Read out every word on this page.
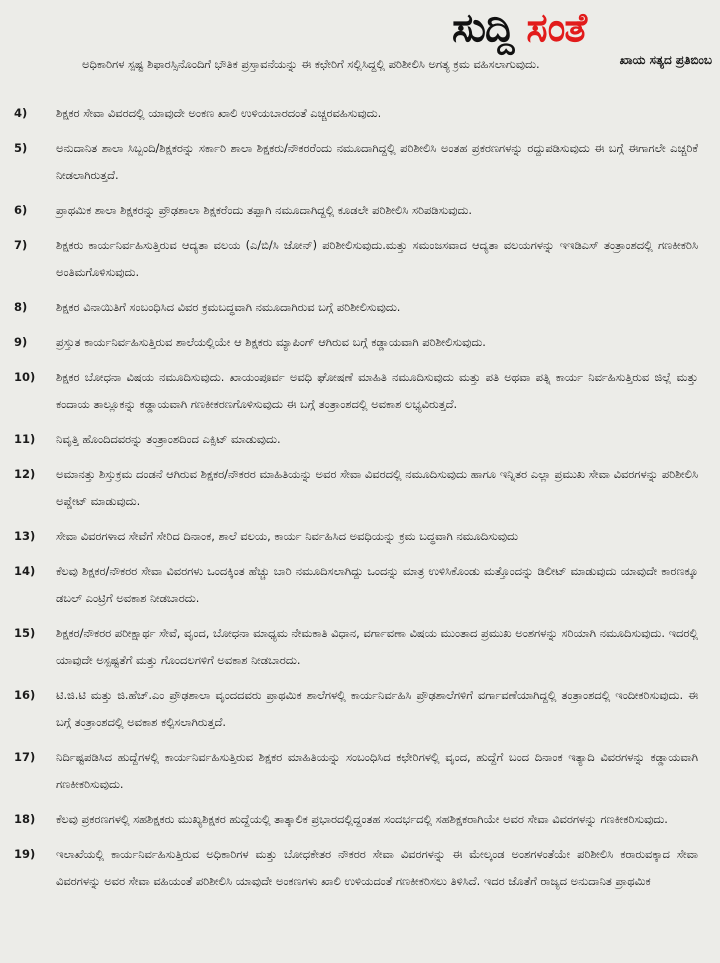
ಸುದ್ದಿ ಸಂತೆ
ಖಾಯ ಸತ್ಯದ ಪ್ರತಿಬಿಂಬ
ಅಧಿಕಾರಿಗಳ ಸ್ಪಷ್ಟ ಶಿಫಾರಸ್ಸಿನೊಂದಿಗೆ ಭೌತಿಕ ಪ್ರಸ್ತಾವನೆಯನ್ನು ಈ ಕಛೇರಿಗೆ ಸಲ್ಲಿಸಿದ್ದಲ್ಲಿ ಪರಿಶೀಲಿಸಿ ಅಗತ್ಯ ಕ್ರಮ ವಹಿಸಲಾಗುವುದು.
4)	ಶಿಕ್ಷಕರ ಸೇವಾ ವಿವರದಲ್ಲಿ ಯಾವುದೇ ಅಂಕಣ ಖಾಲಿ ಉಳಿಯಬಾರದಂತೆ ಎಚ್ಚರವಹಿಸುವುದು.
5)	ಅನುದಾನಿತ ಶಾಲಾ ಸಿಬ್ಬಂದಿ/ಶಿಕ್ಷಕರನ್ನು ಸರ್ಕಾರಿ ಶಾಲಾ ಶಿಕ್ಷಕರು/ನೌಕರರೆಂದು ನಮೂದಾಗಿದ್ದಲ್ಲಿ ಪರಿಶೀಲಿಸಿ ಅಂತಹ ಪ್ರಕರಣಗಳನ್ನು ರದ್ದುಪಡಿಸುವುದು ಈ ಬಗ್ಗೆ ಈಗಾಗಲೇ ಎಚ್ಚರಿಕೆ ನೀಡಲಾಗಿರುತ್ತದೆ.
6)	ಪ್ರಾಥಮಿಕ ಶಾಲಾ ಶಿಕ್ಷಕರನ್ನು ಪ್ರೌಢಶಾಲಾ ಶಿಕ್ಷಕರೆಂದು ತಪ್ಪಾಗಿ ನಮೂದಾಗಿದ್ದಲ್ಲಿ ಕೂಡಲೇ ಪರಿಶೀಲಿಸಿ ಸರಿಪಡಿಸುವುದು.
7)	ಶಿಕ್ಷಕರು ಕಾರ್ಯನಿರ್ವಹಿಸುತ್ತಿರುವ ಆದ್ಯತಾ ವಲಯ (ಎ/ಬಿ/ಸಿ ಜೋನ್) ಪರಿಶೀಲಿಸುವುದು.ಮತ್ತು ಸಮಂಜಸವಾದ ಆದ್ಯತಾ ವಲಯಗಳನ್ನು ಇಇಡಿಎಸ್ ತಂತ್ರಾಂಶದಲ್ಲಿ ಗಣಕೀಕರಿಸಿ ಅಂತಿಮಗೊಳಿಸುವುದು.
8)	ಶಿಕ್ಷಕರ ವಿನಾಯಿತಿಗೆ ಸಂಬಂಧಿಸಿದ ವಿವರ ಕ್ರಮಬದ್ಧವಾಗಿ ನಮೂದಾಗಿರುವ ಬಗ್ಗೆ ಪರಿಶೀಲಿಸುವುದು.
9)	ಪ್ರಸ್ತುತ ಕಾರ್ಯನಿರ್ವಹಿಸುತ್ತಿರುವ ಶಾಲೆಯಲ್ಲಿಯೇ ಆ ಶಿಕ್ಷಕರು ಮ್ಯಾಪಿಂಗ್ ಆಗಿರುವ ಬಗ್ಗೆ ಕಡ್ಡಾಯವಾಗಿ ಪರಿಶೀಲಿಸುವುದು.
10)	ಶಿಕ್ಷಕರ ಬೋಧನಾ ವಿಷಯ ನಮೂದಿಸುವುದು. ಖಾಯಂಪೂರ್ವ ಅವಧಿ ಘೋಷಣೆ ಮಾಹಿತಿ ನಮೂದಿಸುವುದು ಮತ್ತು ಪತಿ ಅಥವಾ ಪತ್ನಿ ಕಾರ್ಯ ನಿರ್ವಹಿಸುತ್ತಿರುವ ಜಿಲ್ಲೆ ಮತ್ತು ಕಂದಾಯ ತಾಲ್ಲೂಕನ್ನು ಕಡ್ಡಾಯವಾಗಿ ಗಣಕೀಕರಣಗೊಳಿಸುವುದು ಈ ಬಗ್ಗೆ ತಂತ್ರಾಂಶದಲ್ಲಿ ಅವಕಾಶ ಲಭ್ಯವಿರುತ್ತದೆ.
11)	ನಿವೃತ್ತಿ ಹೊಂದಿದವರನ್ನು ತಂತ್ರಾಂಶದಿಂದ ಎಕ್ಸಿಟ್ ಮಾಡುವುದು.
12)	ಅಮಾನತ್ತು ಶಿಸ್ತುಕ್ರಮ ದಂಡನೆ ಆಗಿರುವ ಶಿಕ್ಷಕರ/ನೌಕರರ ಮಾಹಿತಿಯನ್ನು ಅವರ ಸೇವಾ ವಿವರದಲ್ಲಿ ನಮೂದಿಸುವುದು ಹಾಗೂ ಇನ್ನಿತರ ಎಲ್ಲಾ ಪ್ರಮುಖ ಸೇವಾ ವಿವರಗಳನ್ನು ಪರಿಶೀಲಿಸಿ ಅಪ್ಡೇಟ್ ಮಾಡುವುದು.
13)	ಸೇವಾ ವಿವರಗಳಾದ ಸೇವೆಗೆ ಸೇರಿದ ದಿನಾಂಕ, ಶಾಲೆ ವಲಯ, ಕಾರ್ಯ ನಿರ್ವಹಿಸಿದ ಅವಧಿಯನ್ನು ಕ್ರಮ ಬದ್ಧವಾಗಿ ನಮೂದಿಸುವುದು
14)	ಕೆಲವು ಶಿಕ್ಷಕರ/ನೌಕರರ ಸೇವಾ ವಿವರಗಳು ಒಂದಕ್ಕಿಂತ ಹೆಚ್ಚು ಬಾರಿ ನಮೂದಿಸಲಾಗಿದ್ದು ಒಂದನ್ನು ಮಾತ್ರ ಉಳಿಸಿಕೊಂಡು ಮತ್ತೊಂದನ್ನು ಡಿಲೀಟ್ ಮಾಡುವುದು ಯಾವುದೇ ಕಾರಣಕ್ಕೂ ಡಬಲ್ ಎಂಟ್ರಿಗೆ ಅವಕಾಶ ನೀಡಬಾರದು.
15)	ಶಿಕ್ಷಕರ/ನೌಕರರ ಪರೀಕ್ಷಾರ್ಥ ಸೇವೆ, ವೃಂದ, ಬೋಧನಾ ಮಾಧ್ಯಮ ನೇಮಕಾತಿ ವಿಧಾನ, ವರ್ಗಾವಣಾ ವಿಷಯ ಮುಂತಾದ ಪ್ರಮುಖ ಅಂಶಗಳನ್ನು ಸರಿಯಾಗಿ ನಮೂದಿಸುವುದು. ಇದರಲ್ಲಿ ಯಾವುದೇ ಅಸ್ಪಷ್ಟತೆಗೆ ಮತ್ತು ಗೊಂದಲಗಳಿಗೆ ಅವಕಾಶ ನೀಡಬಾರದು.
16)	ಟಿ.ಜಿ.ಟಿ ಮತ್ತು ಜಿ.ಹೆಚ್.ಎಂ ಪ್ರೌಢಶಾಲಾ ವೃಂದದವರು ಪ್ರಾಥಮಿಕ ಶಾಲೆಗಳಲ್ಲಿ ಕಾರ್ಯನಿರ್ವಹಿಸಿ ಪ್ರೌಢಶಾಲೆಗಳಿಗೆ ವರ್ಗಾವಣೆಯಾಗಿದ್ದಲ್ಲಿ ತಂತ್ರಾಂಶದಲ್ಲಿ ಇಂದೀಕರಿಸುವುದು. ಈ ಬಗ್ಗೆ ತಂತ್ರಾಂಶದಲ್ಲಿ ಅವಕಾಶ ಕಲ್ಪಿಸಲಾಗಿರುತ್ತದೆ.
17)	ನಿರ್ದಿಷ್ಟಪಡಿಸಿದ ಹುದ್ದೆಗಳಲ್ಲಿ ಕಾರ್ಯನಿರ್ವಹಿಸುತ್ತಿರುವ ಶಿಕ್ಷಕರ ಮಾಹಿತಿಯನ್ನು ಸಂಬಂಧಿಸಿದ ಕಛೇರಿಗಳಲ್ಲಿ ವೃಂದ, ಹುದ್ದೆಗೆ ಬಂದ ದಿನಾಂಕ ಇತ್ಯಾದಿ ವಿವರಗಳನ್ನು ಕಡ್ಡಾಯವಾಗಿ ಗಣಕೀಕರಿಸುವುದು.
18)	ಕೆಲವು ಪ್ರಕರಣಗಳಲ್ಲಿ ಸಹಶಿಕ್ಷಕರು ಮುಖ್ಯಶಿಕ್ಷಕರ ಹುದ್ದೆಯಲ್ಲಿ ತಾತ್ಕಾಲಿಕ ಪ್ರಭಾರದಲ್ಲಿದ್ದಂತಹ ಸಂದರ್ಭದಲ್ಲಿ ಸಹಶಿಕ್ಷಕರಾಗಿಯೇ ಅವರ ಸೇವಾ ವಿವರಗಳನ್ನು ಗಣಕೀಕರಿಸುವುದು.
19)	ಇಲಾಖೆಯಲ್ಲಿ ಕಾರ್ಯನಿರ್ವಹಿಸುತ್ತಿರುವ ಅಧಿಕಾರಿಗಳ ಮತ್ತು ಬೋಧಕೇತರ ನೌಕರರ ಸೇವಾ ವಿವರಗಳನ್ನು ಈ ಮೇಲ್ಕಂಡ ಅಂಶಗಳಂತೆಯೇ ಪರಿಶೀಲಿಸಿ ಕರಾರುವಕ್ಕಾದ ಸೇವಾ ವಿವರಗಳನ್ನು ಅವರ ಸೇವಾ ವಹಿಯಂತೆ ಪರಿಶೀಲಿಸಿ ಯಾವುದೇ ಅಂಕಣಗಳು ಖಾಲಿ ಉಳಿಯದಂತೆ ಗಣಕೀಕರಿಸಲು ತಿಳಿಸಿದೆ. ಇದರ ಜೊತೆಗೆ ರಾಜ್ಯದ ಅನುದಾನಿತ ಪ್ರಾಥಮಿಕ
